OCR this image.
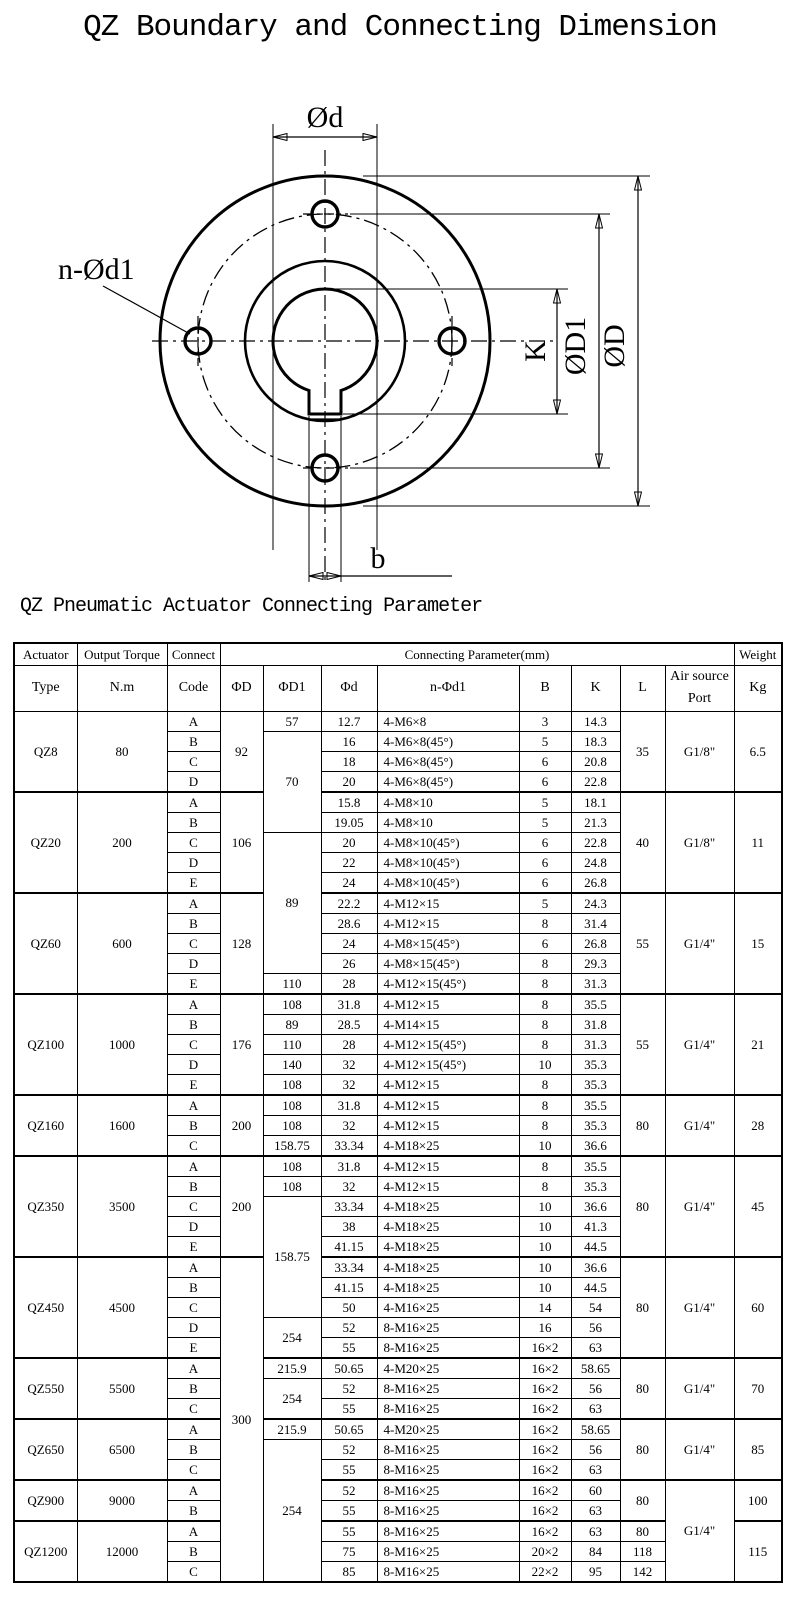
QZ Boundary and Connecting Dimension
Ød
b
K ØD1 ØD
n-Ød1
QZ Pneumatic Actuator Connecting Parameter
Actuator	Output Torque	Connect	Connecting Parameter(mm)								Weight
Type	N.m	Code	ΦD	ΦD1	Φd	n-Φd1	B	K	L	Air source Port	Kg
QZ8	80	A	92	57	12.7	4-M6×8	3	14.3	35	G1/8"	6.5
		B		70	16	4-M6×8(45°)	5	18.3			
		C			18	4-M6×8(45°)	6	20.8			
		D			20	4-M6×8(45°)	6	22.8			
QZ20	200	A	106		15.8	4-M8×10	5	18.1	40	G1/8"	11
		B			19.05	4-M8×10	5	21.3			
		C		89	20	4-M8×10(45°)	6	22.8			
		D			22	4-M8×10(45°)	6	24.8			
		E			24	4-M8×10(45°)	6	26.8			
QZ60	600	A	128		22.2	4-M12×15	5	24.3	55	G1/4"	15
		B			28.6	4-M12×15	8	31.4			
		C			24	4-M8×15(45°)	6	26.8			
		D			26	4-M8×15(45°)	8	29.3			
		E		110	28	4-M12×15(45°)	8	31.3			
QZ100	1000	A	176	108	31.8	4-M12×15	8	35.5	55	G1/4"	21
		B		89	28.5	4-M14×15	8	31.8			
		C		110	28	4-M12×15(45°)	8	31.3			
		D		140	32	4-M12×15(45°)	10	35.3			
		E		108	32	4-M12×15	8	35.3			
QZ160	1600	A	200	108	31.8	4-M12×15	8	35.5	80	G1/4"	28
		B		108	32	4-M12×15	8	35.3			
		C		158.75	33.34	4-M18×25	10	36.6			
QZ350	3500	A	200	108	31.8	4-M12×15	8	35.5	80	G1/4"	45
		B		108	32	4-M12×15	8	35.3			
		C		158.75	33.34	4-M18×25	10	36.6			
		D			38	4-M18×25	10	41.3			
		E			41.15	4-M18×25	10	44.5			
QZ450	4500	A	300		33.34	4-M18×25	10	36.6	80	G1/4"	60
		B			41.15	4-M18×25	10	44.5			
		C			50	4-M16×25	14	54			
		D		254	52	8-M16×25	16	56			
		E			55	8-M16×25	16×2	63			
QZ550	5500	A		215.9	50.65	4-M20×25	16×2	58.65	80	G1/4"	70
		B		254	52	8-M16×25	16×2	56			
		C			55	8-M16×25	16×2	63			
QZ650	6500	A		215.9	50.65	4-M20×25	16×2	58.65	80	G1/4"	85
		B		254	52	8-M16×25	16×2	56			
		C			55	8-M16×25	16×2	63			
QZ900	9000	A			52	8-M16×25	16×2	60	80	G1/4"	100
		B			55	8-M16×25	16×2	63			
QZ1200	12000	A			55	8-M16×25	16×2	63	80		115
		B			75	8-M16×25	20×2	84	118		
		C			85	8-M16×25	22×2	95	142		
